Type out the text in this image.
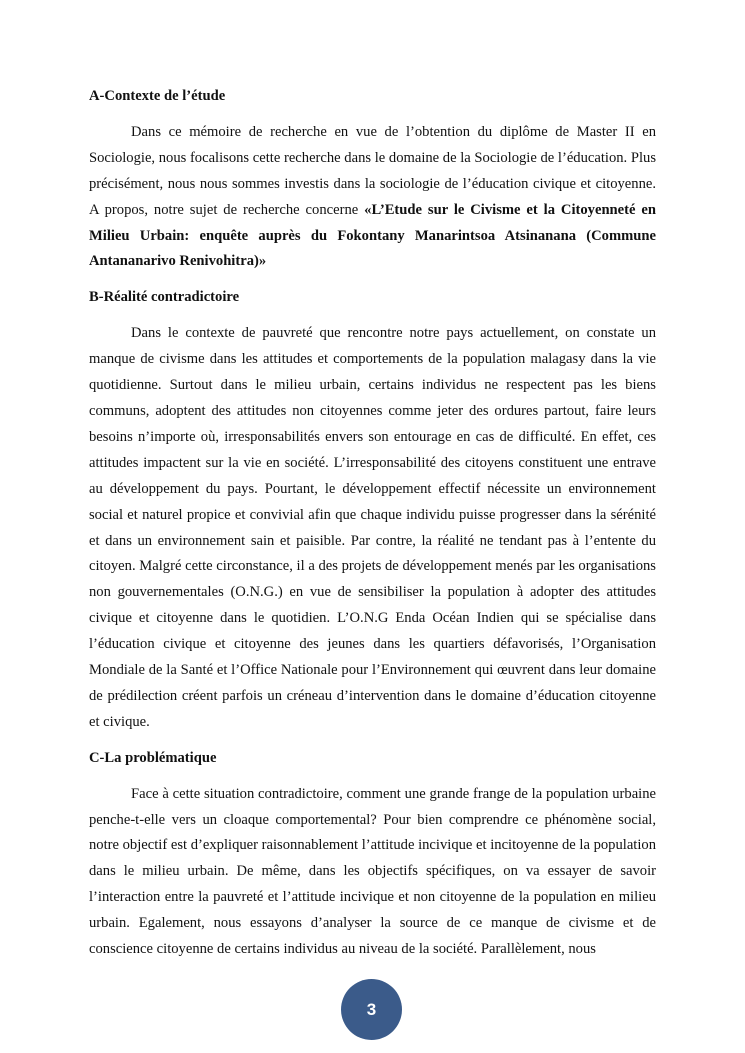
A-Contexte de l’étude

Dans ce mémoire de recherche en vue de l’obtention du diplôme de Master II en Sociologie, nous focalisons cette recherche dans le domaine de la Sociologie de l’éducation. Plus précisément, nous nous sommes investis dans la sociologie de l’éducation civique et citoyenne. A propos, notre sujet de recherche concerne «L’Etude sur le Civisme et la Citoyenneté en Milieu Urbain: enquête auprès du Fokontany Manarintsoa Atsinanana (Commune Antananarivo Renivohitra)»

B-Réalité contradictoire

Dans le contexte de pauvreté que rencontre notre pays actuellement, on constate un manque de civisme dans les attitudes et comportements de la population malagasy dans la vie quotidienne. Surtout dans le milieu urbain, certains individus ne respectent pas les biens communs, adoptent des attitudes non citoyennes comme jeter des ordures partout, faire leurs besoins n’importe où, irresponsabilités envers son entourage en cas de difficulté. En effet, ces attitudes impactent sur la vie en société. L’irresponsabilité des citoyens constituent une entrave au développement du pays. Pourtant, le développement effectif nécessite un environnement social et naturel propice et convivial afin que chaque individu puisse progresser dans la sérénité et dans un environnement sain et paisible. Par contre, la réalité ne tendant pas à l’entente du citoyen. Malgré cette circonstance, il a des projets de développement menés par les organisations non gouvernementales (O.N.G.) en vue de sensibiliser la population à adopter des attitudes civique et citoyenne dans le quotidien. L’O.N.G Enda Océan Indien qui se spécialise dans l’éducation civique et citoyenne des jeunes dans les quartiers défavorisés, l’Organisation Mondiale de la Santé et l’Office Nationale pour l’Environnement qui œuvrent dans leur domaine de prédilection créent parfois un créneau d’intervention dans le domaine d’éducation citoyenne et civique.

C-La problématique

Face à cette situation contradictoire, comment une grande frange de la population urbaine penche-t-elle vers un cloaque comportemental? Pour bien comprendre ce phénomène social, notre objectif est d’expliquer raisonnablement l’attitude incivique et incitoyenne de la population dans le milieu urbain. De même, dans les objectifs spécifiques, on va essayer de savoir l’interaction entre la pauvreté et l’attitude incivique et non citoyenne de la population en milieu urbain. Egalement, nous essayons d’analyser la source de ce manque de civisme et de conscience citoyenne de certains individus au niveau de la société. Parallèlement, nous

3
